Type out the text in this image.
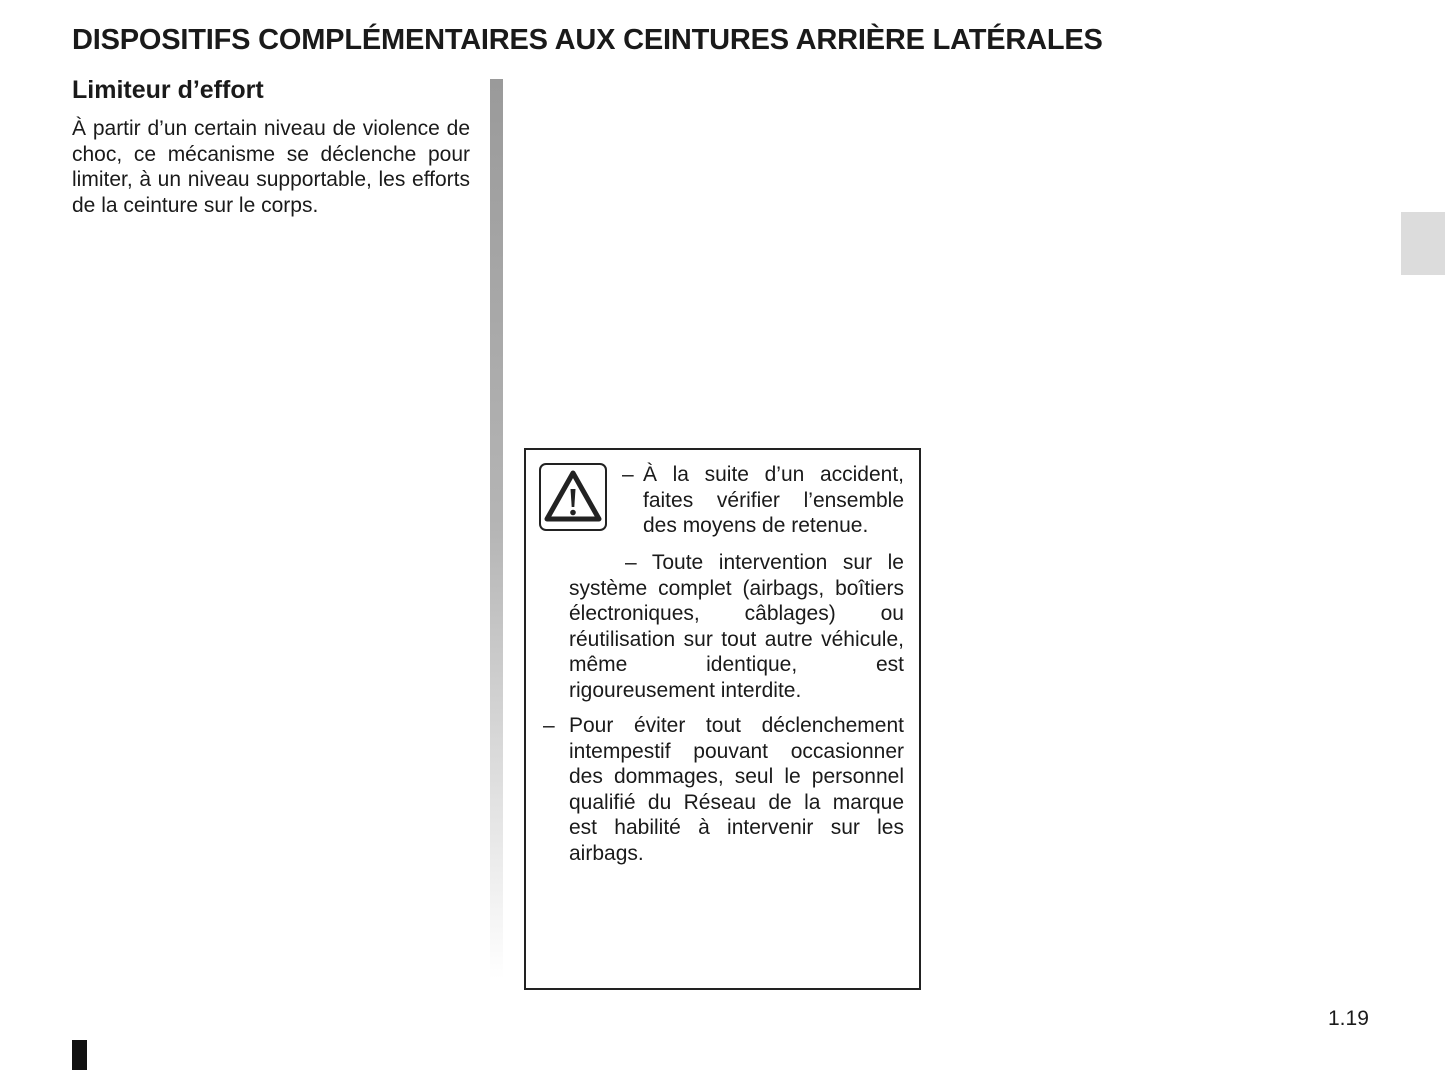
DISPOSITIFS COMPLÉMENTAIRES AUX CEINTURES ARRIÈRE LATÉRALES
Limiteur d’effort
À partir d’un certain niveau de violence de choc, ce mécanisme se déclenche pour limiter, à un niveau supportable, les efforts de la ceinture sur le corps.
– À la suite d’un accident, faites vérifier l’ensemble des moyens de retenue.
– Toute intervention sur le système complet (airbags, boîtiers électroniques, câblages) ou réutilisation sur tout autre véhicule, même identique, est rigoureusement interdite.
– Pour éviter tout déclenchement intempestif pouvant occasionner des dommages, seul le personnel qualifié du Réseau de la marque est habilité à intervenir sur les airbags.
1.19
